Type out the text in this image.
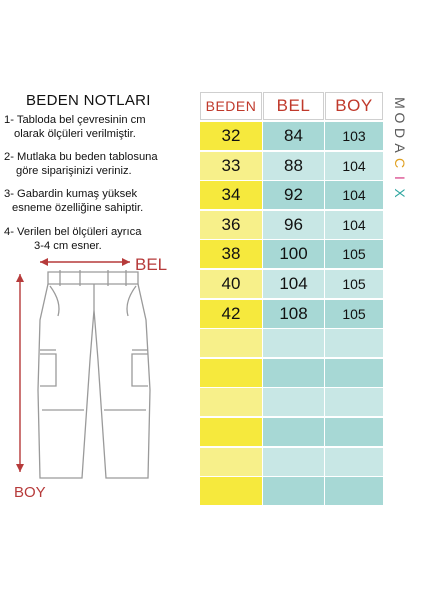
BEDEN NOTLARI
1- Tabloda bel çevresinin cm
olarak ölçüleri verilmiştir.
2- Mutlaka bu beden tablosuna
göre siparişinizi veriniz.
3- Gabardin kumaş yüksek
esneme özelliğine sahiptir.
4- Verilen bel ölçüleri ayrıca
3-4 cm esner.
BEL
BOY
BEDEN	BEL	BOY
32	84	103
33	88	104
34	92	104
36	96	104
38	100	105
40	104	105
42	108	105
M
O
D
A
C
I
X
